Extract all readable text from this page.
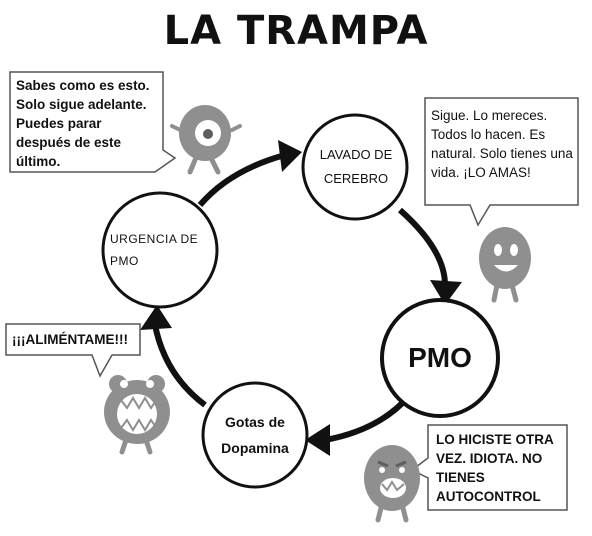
LA TRAMPA
LAVADO DE CEREBRO
PMO
Gotas de Dopamina
URGENCIA DE PMO
Sabes como es esto. Solo sigue adelante. Puedes parar después de este último.
Sigue. Lo mereces. Todos lo hacen. Es natural. Solo tienes una vida. ¡LO AMAS!
¡¡¡ALIMÉNTAME!!!
LO HICISTE OTRA VEZ. IDIOTA. NO TIENES AUTOCONTROL
